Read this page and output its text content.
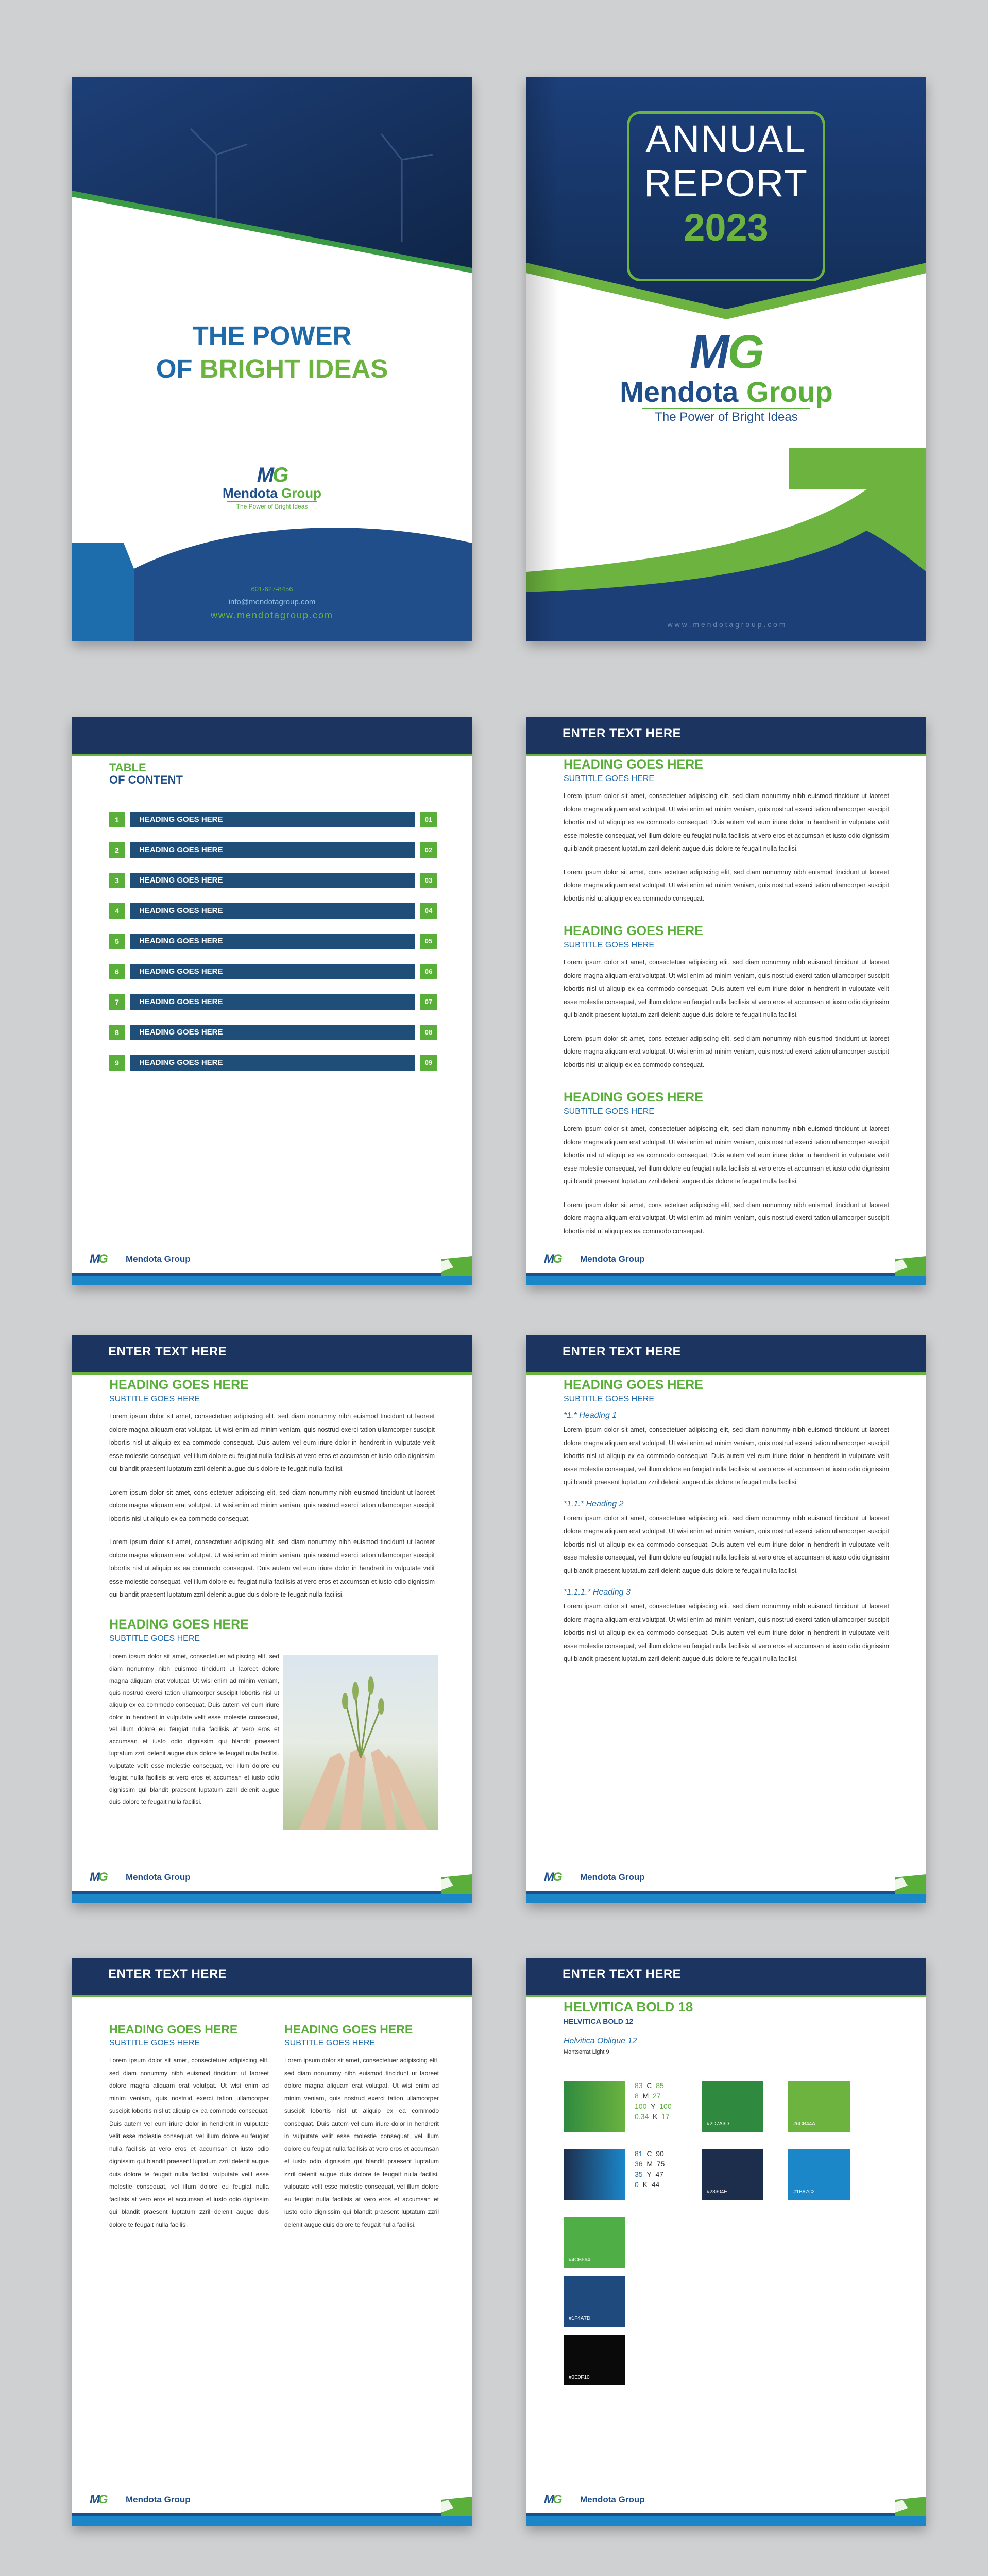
THE POWER
OF BRIGHT IDEAS
MG
Mendota Group
The Power of Bright Ideas
601-627-8456
info@mendotagroup.com
www.mendotagroup.com
ANNUAL
REPORT
2023
MG
Mendota Group
The Power of Bright Ideas
w w w . m e n d o t a g r o u p . c o m
TABLE
OF CONTENT
1	HEADING GOES HERE	01
2	HEADING GOES HERE	02
3	HEADING GOES HERE	03
4	HEADING GOES HERE	04
5	HEADING GOES HERE	05
6	HEADING GOES HERE	06
7	HEADING GOES HERE	07
8	HEADING GOES HERE	08
9	HEADING GOES HERE	09
MG Mendota Group
ENTER TEXT HERE

HEADING GOES HERE

SUBTITLE GOES HERE

Lorem ipsum dolor sit amet, consectetuer adipiscing elit, sed diam nonummy nibh euismod tincidunt ut laoreet dolore magna aliquam erat volutpat. Ut wisi enim ad minim veniam, quis nostrud exerci tation ullamcorper suscipit lobortis nisl ut aliquip ex ea commodo consequat. Duis autem vel eum iriure dolor in hendrerit in vulputate velit esse molestie consequat, vel illum dolore eu feugiat nulla facilisis at vero eros et accumsan et iusto odio dignissim qui blandit praesent luptatum zzril delenit augue duis dolore te feugait nulla facilisi.

Lorem ipsum dolor sit amet, cons ectetuer adipiscing elit, sed diam nonummy nibh euismod tincidunt ut laoreet dolore magna aliquam erat volutpat. Ut wisi enim ad minim veniam, quis nostrud exerci tation ullamcorper suscipit lobortis nisl ut aliquip ex ea commodo consequat.

HEADING GOES HERE

SUBTITLE GOES HERE

Lorem ipsum dolor sit amet, consectetuer adipiscing elit, sed diam nonummy nibh euismod tincidunt ut laoreet dolore magna aliquam erat volutpat. Ut wisi enim ad minim veniam, quis nostrud exerci tation ullamcorper suscipit lobortis nisl ut aliquip ex ea commodo consequat. Duis autem vel eum iriure dolor in hendrerit in vulputate velit esse molestie consequat, vel illum dolore eu feugiat nulla facilisis at vero eros et accumsan et iusto odio dignissim qui blandit praesent luptatum zzril delenit augue duis dolore te feugait nulla facilisi.

Lorem ipsum dolor sit amet, cons ectetuer adipiscing elit, sed diam nonummy nibh euismod tincidunt ut laoreet dolore magna aliquam erat volutpat. Ut wisi enim ad minim veniam, quis nostrud exerci tation ullamcorper suscipit lobortis nisl ut aliquip ex ea commodo consequat.

HEADING GOES HERE

SUBTITLE GOES HERE

Lorem ipsum dolor sit amet, consectetuer adipiscing elit, sed diam nonummy nibh euismod tincidunt ut laoreet dolore magna aliquam erat volutpat. Ut wisi enim ad minim veniam, quis nostrud exerci tation ullamcorper suscipit lobortis nisl ut aliquip ex ea commodo consequat. Duis autem vel eum iriure dolor in hendrerit in vulputate velit esse molestie consequat, vel illum dolore eu feugiat nulla facilisis at vero eros et accumsan et iusto odio dignissim qui blandit praesent luptatum zzril delenit augue duis dolore te feugait nulla facilisi.

Lorem ipsum dolor sit amet, cons ectetuer adipiscing elit, sed diam nonummy nibh euismod tincidunt ut laoreet dolore magna aliquam erat volutpat. Ut wisi enim ad minim veniam, quis nostrud exerci tation ullamcorper suscipit lobortis nisl ut aliquip ex ea commodo consequat.

MG Mendota Group
ENTER TEXT HERE

HEADING GOES HERE

SUBTITLE GOES HERE

Lorem ipsum dolor sit amet, consectetuer adipiscing elit, sed diam nonummy nibh euismod tincidunt ut laoreet dolore magna aliquam erat volutpat. Ut wisi enim ad minim veniam, quis nostrud exerci tation ullamcorper suscipit lobortis nisl ut aliquip ex ea commodo consequat. Duis autem vel eum iriure dolor in hendrerit in vulputate velit esse molestie consequat, vel illum dolore eu feugiat nulla facilisis at vero eros et accumsan et iusto odio dignissim qui blandit praesent luptatum zzril delenit augue duis dolore te feugait nulla facilisi.

Lorem ipsum dolor sit amet, cons ectetuer adipiscing elit, sed diam nonummy nibh euismod tincidunt ut laoreet dolore magna aliquam erat volutpat. Ut wisi enim ad minim veniam, quis nostrud exerci tation ullamcorper suscipit lobortis nisl ut aliquip ex ea commodo consequat.

Lorem ipsum dolor sit amet, consectetuer adipiscing elit, sed diam nonummy nibh euismod tincidunt ut laoreet dolore magna aliquam erat volutpat. Ut wisi enim ad minim veniam, quis nostrud exerci tation ullamcorper suscipit lobortis nisl ut aliquip ex ea commodo consequat. Duis autem vel eum iriure dolor in hendrerit in vulputate velit esse molestie consequat, vel illum dolore eu feugiat nulla facilisis at vero eros et accumsan et iusto odio dignissim qui blandit praesent luptatum zzril delenit augue duis dolore te feugait nulla facilisi.

HEADING GOES HERE

SUBTITLE GOES HERE

Lorem ipsum dolor sit amet, consectetuer adipiscing elit, sed diam nonummy nibh euismod tincidunt ut laoreet dolore magna aliquam erat volutpat. Ut wisi enim ad minim veniam, quis nostrud exerci tation ullamcorper suscipit lobortis nisl ut aliquip ex ea commodo consequat. Duis autem vel eum iriure dolor in hendrerit in vulputate velit esse molestie consequat, vel illum dolore eu feugiat nulla facilisis at vero eros et accumsan et iusto odio dignissim qui blandit praesent luptatum zzril delenit augue duis dolore te feugait nulla facilisi. vulputate velit esse molestie consequat, vel illum dolore eu feugiat nulla facilisis at vero eros et accumsan et iusto odio dignissim qui blandit praesent luptatum zzril delenit augue duis dolore te feugait nulla facilisi.

MG Mendota Group
ENTER TEXT HERE

HEADING GOES HERE

SUBTITLE GOES HERE

*1.* Heading 1

Lorem ipsum dolor sit amet, consectetuer adipiscing elit, sed diam nonummy nibh euismod tincidunt ut laoreet dolore magna aliquam erat volutpat. Ut wisi enim ad minim veniam, quis nostrud exerci tation ullamcorper suscipit lobortis nisl ut aliquip ex ea commodo consequat. Duis autem vel eum iriure dolor in hendrerit in vulputate velit esse molestie consequat, vel illum dolore eu feugiat nulla facilisis at vero eros et accumsan et iusto odio dignissim qui blandit praesent luptatum zzril delenit augue duis dolore te feugait nulla facilisi.

*1.1.* Heading 2

Lorem ipsum dolor sit amet, consectetuer adipiscing elit, sed diam nonummy nibh euismod tincidunt ut laoreet dolore magna aliquam erat volutpat. Ut wisi enim ad minim veniam, quis nostrud exerci tation ullamcorper suscipit lobortis nisl ut aliquip ex ea commodo consequat. Duis autem vel eum iriure dolor in hendrerit in vulputate velit esse molestie consequat, vel illum dolore eu feugiat nulla facilisis at vero eros et accumsan et iusto odio dignissim qui blandit praesent luptatum zzril delenit augue duis dolore te feugait nulla facilisi.

*1.1.1.* Heading 3

Lorem ipsum dolor sit amet, consectetuer adipiscing elit, sed diam nonummy nibh euismod tincidunt ut laoreet dolore magna aliquam erat volutpat. Ut wisi enim ad minim veniam, quis nostrud exerci tation ullamcorper suscipit lobortis nisl ut aliquip ex ea commodo consequat. Duis autem vel eum iriure dolor in hendrerit in vulputate velit esse molestie consequat, vel illum dolore eu feugiat nulla facilisis at vero eros et accumsan et iusto odio dignissim qui blandit praesent luptatum zzril delenit augue duis dolore te feugait nulla facilisi.

MG Mendota Group
ENTER TEXT HERE

HEADING GOES HERE

SUBTITLE GOES HERE

Lorem ipsum dolor sit amet, consectetuer adipiscing elit, sed diam nonummy nibh euismod tincidunt ut laoreet dolore magna aliquam erat volutpat. Ut wisi enim ad minim veniam, quis nostrud exerci tation ullamcorper suscipit lobortis nisl ut aliquip ex ea commodo consequat. Duis autem vel eum iriure dolor in hendrerit in vulputate velit esse molestie consequat, vel illum dolore eu feugiat nulla facilisis at vero eros et accumsan et iusto odio dignissim qui blandit praesent luptatum zzril delenit augue duis dolore te feugait nulla facilisi. vulputate velit esse molestie consequat, vel illum dolore eu feugiat nulla facilisis at vero eros et accumsan et iusto odio dignissim qui blandit praesent luptatum zzril delenit augue duis dolore te feugait nulla facilisi.

HEADING GOES HERE

SUBTITLE GOES HERE

Lorem ipsum dolor sit amet, consectetuer adipiscing elit, sed diam nonummy nibh euismod tincidunt ut laoreet dolore magna aliquam erat volutpat. Ut wisi enim ad minim veniam, quis nostrud exerci tation ullamcorper suscipit lobortis nisl ut aliquip ex ea commodo consequat. Duis autem vel eum iriure dolor in hendrerit in vulputate velit esse molestie consequat, vel illum dolore eu feugiat nulla facilisis at vero eros et accumsan et iusto odio dignissim qui blandit praesent luptatum zzril delenit augue duis dolore te feugait nulla facilisi. vulputate velit esse molestie consequat, vel illum dolore eu feugiat nulla facilisis at vero eros et accumsan et iusto odio dignissim qui blandit praesent luptatum zzril delenit augue duis dolore te feugait nulla facilisi.

MG Mendota Group
ENTER TEXT HERE
HELVITICA BOLD 18
HELVITICA BOLD 12
Helvitica Oblique 12
Montserrat Light 9
83 C 85
8 M 27
100 Y 100
0.34 K 17
#2D7A3D	#6CB44A
81 C 90
36 M 75
35 Y 47
0 K 44
#23304E	#1B87C2
#4CB564
#1F4A7D
#0E0F10
MG Mendota Group
